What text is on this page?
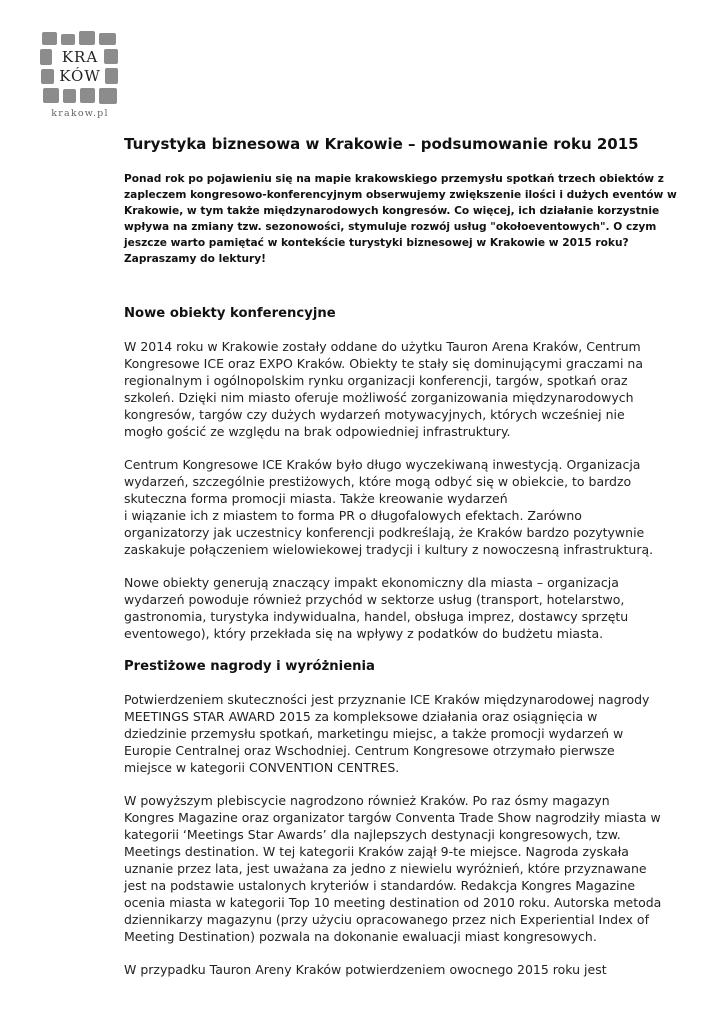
KRA
KÓW
krakow.pl
Turystyka biznesowa w Krakowie – podsumowanie roku 2015
Ponad rok po pojawieniu się na mapie krakowskiego przemysłu spotkań trzech obiektów z
zapleczem kongresowo-konferencyjnym obserwujemy zwiększenie ilości i dużych eventów w
Krakowie, w tym także międzynarodowych kongresów. Co więcej, ich działanie korzystnie
wpływa na zmiany tzw. sezonowości, stymuluje rozwój usług "okołoeventowych". O czym
jeszcze warto pamiętać w kontekście turystyki biznesowej w Krakowie w 2015 roku?
Zapraszamy do lektury!
Nowe obiekty konferencyjne

W 2014 roku w Krakowie zostały oddane do użytku Tauron Arena Kraków, Centrum
Kongresowe ICE oraz EXPO Kraków. Obiekty te stały się dominującymi graczami na
regionalnym i ogólnopolskim rynku organizacji konferencji, targów, spotkań oraz
szkoleń. Dzięki nim miasto oferuje możliwość zorganizowania międzynarodowych
kongresów, targów czy dużych wydarzeń motywacyjnych, których wcześniej nie
mogło gościć ze względu na brak odpowiedniej infrastruktury.

Centrum Kongresowe ICE Kraków było długo wyczekiwaną inwestycją. Organizacja
wydarzeń, szczególnie prestiżowych, które mogą odbyć się w obiekcie, to bardzo
skuteczna forma promocji miasta. Także kreowanie wydarzeń
i wiązanie ich z miastem to forma PR o długofalowych efektach. Zarówno
organizatorzy jak uczestnicy konferencji podkreślają, że Kraków bardzo pozytywnie
zaskakuje połączeniem wielowiekowej tradycji i kultury z nowoczesną infrastrukturą.

Nowe obiekty generują znaczący impakt ekonomiczny dla miasta – organizacja
wydarzeń powoduje również przychód w sektorze usług (transport, hotelarstwo,
gastronomia, turystyka indywidualna, handel, obsługa imprez, dostawcy sprzętu
eventowego), który przekłada się na wpływy z podatków do budżetu miasta.

Prestiżowe nagrody i wyróżnienia

Potwierdzeniem skuteczności jest przyznanie ICE Kraków międzynarodowej nagrody
MEETINGS STAR AWARD 2015 za kompleksowe działania oraz osiągnięcia w
dziedzinie przemysłu spotkań, marketingu miejsc, a także promocji wydarzeń w
Europie Centralnej oraz Wschodniej. Centrum Kongresowe otrzymało pierwsze
miejsce w kategorii CONVENTION CENTRES.

W powyższym plebiscycie nagrodzono również Kraków. Po raz ósmy magazyn
Kongres Magazine oraz organizator targów Conventa Trade Show nagrodziły miasta w
kategorii ‘Meetings Star Awards’ dla najlepszych destynacji kongresowych, tzw.
Meetings destination. W tej kategorii Kraków zajął 9-te miejsce. Nagroda zyskała
uznanie przez lata, jest uważana za jedno z niewielu wyróżnień, które przyznawane
jest na podstawie ustalonych kryteriów i standardów. Redakcja Kongres Magazine
ocenia miasta w kategorii Top 10 meeting destination od 2010 roku. Autorska metoda
dziennikarzy magazynu (przy użyciu opracowanego przez nich Experiential Index of
Meeting Destination) pozwala na dokonanie ewaluacji miast kongresowych.

W przypadku Tauron Areny Kraków potwierdzeniem owocnego 2015 roku jest
